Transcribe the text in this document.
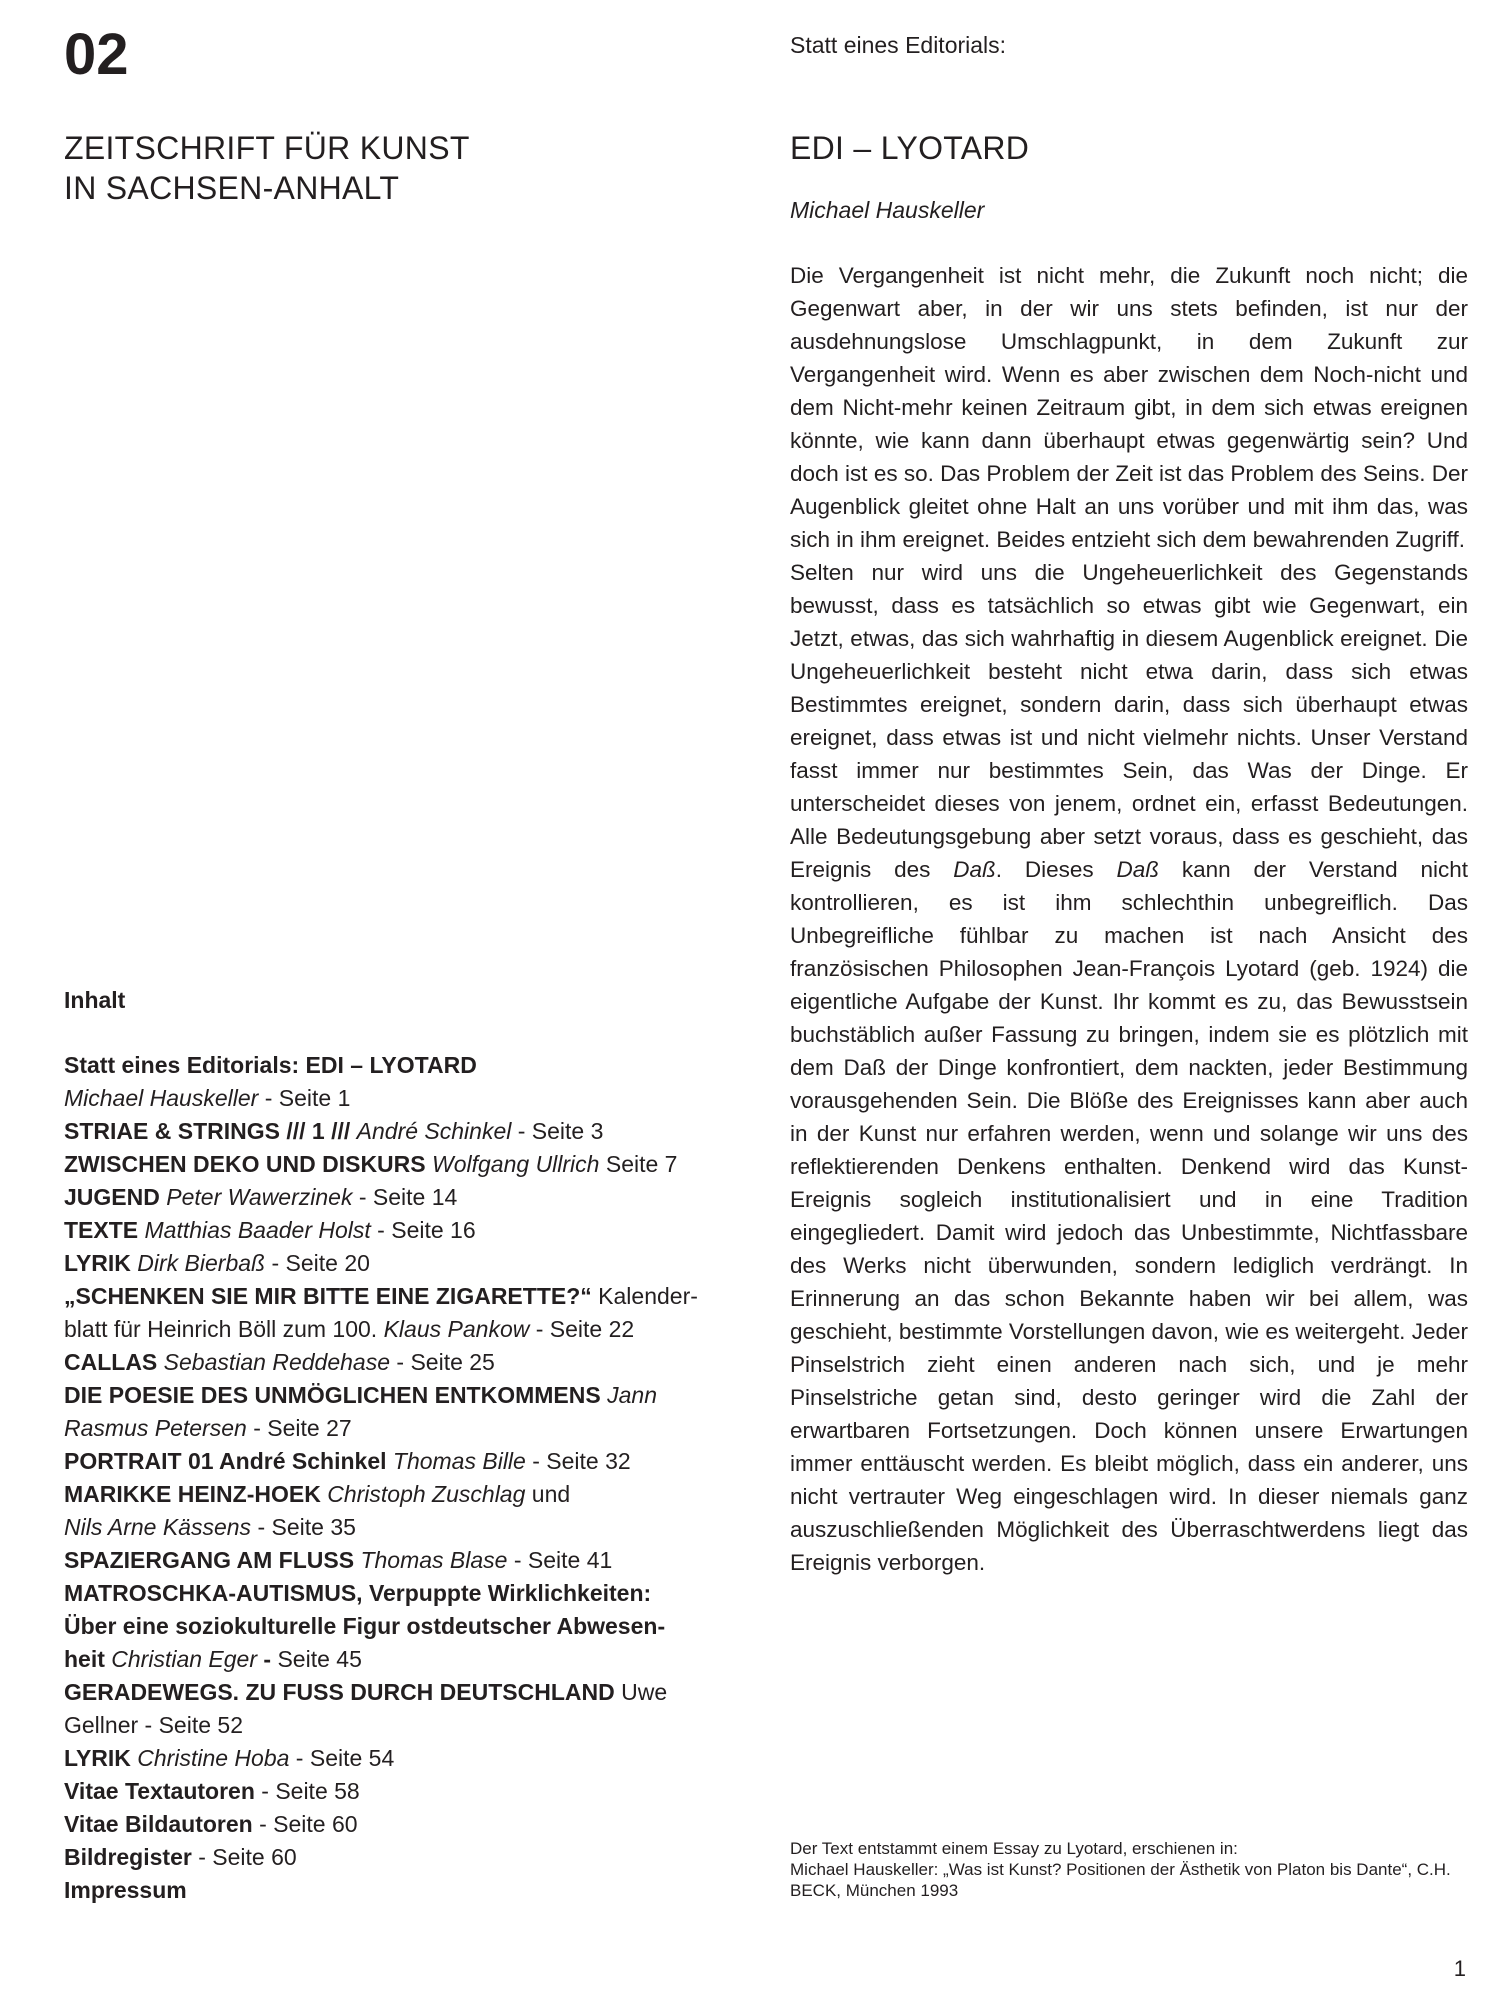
02
ZEITSCHRIFT FÜR KUNST
IN SACHSEN-ANHALT
Inhalt
Statt eines Editorials: EDI – LYOTARD
Michael Hauskeller - Seite 1
STRIAE & STRINGS /// 1 /// André Schinkel - Seite 3
ZWISCHEN DEKO UND DISKURS Wolfgang Ullrich Seite 7
JUGEND Peter Wawerzinek - Seite 14
TEXTE Matthias Baader Holst - Seite 16
LYRIK Dirk Bierbaß - Seite 20
„SCHENKEN SIE MIR BITTE EINE ZIGARETTE?“ Kalender-
blatt für Heinrich Böll zum 100. Klaus Pankow - Seite 22
CALLAS Sebastian Reddehase - Seite 25
DIE POESIE DES UNMÖGLICHEN ENTKOMMENS Jann
Rasmus Petersen - Seite 27
PORTRAIT 01 André Schinkel Thomas Bille - Seite 32
MARIKKE HEINZ-HOEK Christoph Zuschlag und
Nils Arne Kässens - Seite 35
SPAZIERGANG AM FLUSS Thomas Blase - Seite 41
MATROSCHKA-AUTISMUS, Verpuppte Wirklichkeiten:
Über eine soziokulturelle Figur ostdeutscher Abwesen-
heit Christian Eger - Seite 45
GERADEWEGS. ZU FUSS DURCH DEUTSCHLAND Uwe
Gellner - Seite 52
LYRIK Christine Hoba - Seite 54
Vitae Textautoren - Seite 58
Vitae Bildautoren - Seite 60
Bildregister - Seite 60
Impressum
Statt eines Editorials:
EDI – LYOTARD
Michael Hauskeller

Die Vergangenheit ist nicht mehr, die Zukunft noch nicht; die Gegenwart aber, in der wir uns stets befinden, ist nur der ausdehnungslose Umschlagpunkt, in dem Zukunft zur Vergangenheit wird. Wenn es aber zwischen dem Noch-nicht und dem Nicht-mehr keinen Zeitraum gibt, in dem sich etwas ereignen könnte, wie kann dann überhaupt etwas gegenwärtig sein? Und doch ist es so. Das Problem der Zeit ist das Problem des Seins. Der Augenblick gleitet ohne Halt an uns vorüber und mit ihm das, was sich in ihm ereignet. Beides entzieht sich dem bewahrenden Zugriff.

Selten nur wird uns die Ungeheuerlichkeit des Gegenstands bewusst, dass es tatsächlich so etwas gibt wie Gegenwart, ein Jetzt, etwas, das sich wahrhaftig in diesem Augenblick ereignet. Die Ungeheuerlichkeit besteht nicht etwa darin, dass sich etwas Bestimmtes ereignet, sondern darin, dass sich überhaupt etwas ereignet, dass etwas ist und nicht vielmehr nichts. Unser Verstand fasst immer nur bestimmtes Sein, das Was der Dinge. Er unterscheidet dieses von jenem, ordnet ein, erfasst Bedeutungen. Alle Bedeutungsgebung aber setzt voraus, dass es geschieht, das Ereignis des Daß. Dieses Daß kann der Verstand nicht kontrollieren, es ist ihm schlechthin unbegreiflich. Das Unbegreifliche fühlbar zu machen ist nach Ansicht des französischen Philosophen Jean-François Lyotard (geb. 1924) die eigentliche Aufgabe der Kunst. Ihr kommt es zu, das Bewusstsein buchstäblich außer Fassung zu bringen, indem sie es plötzlich mit dem Daß der Dinge konfrontiert, dem nackten, jeder Bestimmung vorausgehenden Sein. Die Blöße des Ereignisses kann aber auch in der Kunst nur erfahren werden, wenn und solange wir uns des reflektierenden Denkens enthalten. Denkend wird das Kunst-Ereignis sogleich institutionalisiert und in eine Tradition eingegliedert. Damit wird jedoch das Unbestimmte, Nichtfassbare des Werks nicht überwunden, sondern lediglich verdrängt. In Erinnerung an das schon Bekannte haben wir bei allem, was geschieht, bestimmte Vorstellungen davon, wie es weitergeht. Jeder Pinselstrich zieht einen anderen nach sich, und je mehr Pinselstriche getan sind, desto geringer wird die Zahl der erwartbaren Fortsetzungen. Doch können unsere Erwartungen immer enttäuscht werden. Es bleibt möglich, dass ein anderer, uns nicht vertrauter Weg eingeschlagen wird. In dieser niemals ganz auszuschließenden Möglichkeit des Überraschtwerdens liegt das Ereignis verborgen.

Der Text entstammt einem Essay zu Lyotard, erschienen in:
Michael Hauskeller: „Was ist Kunst? Positionen der Ästhetik von Platon bis Dante“, C.H. BECK, München 1993
1
